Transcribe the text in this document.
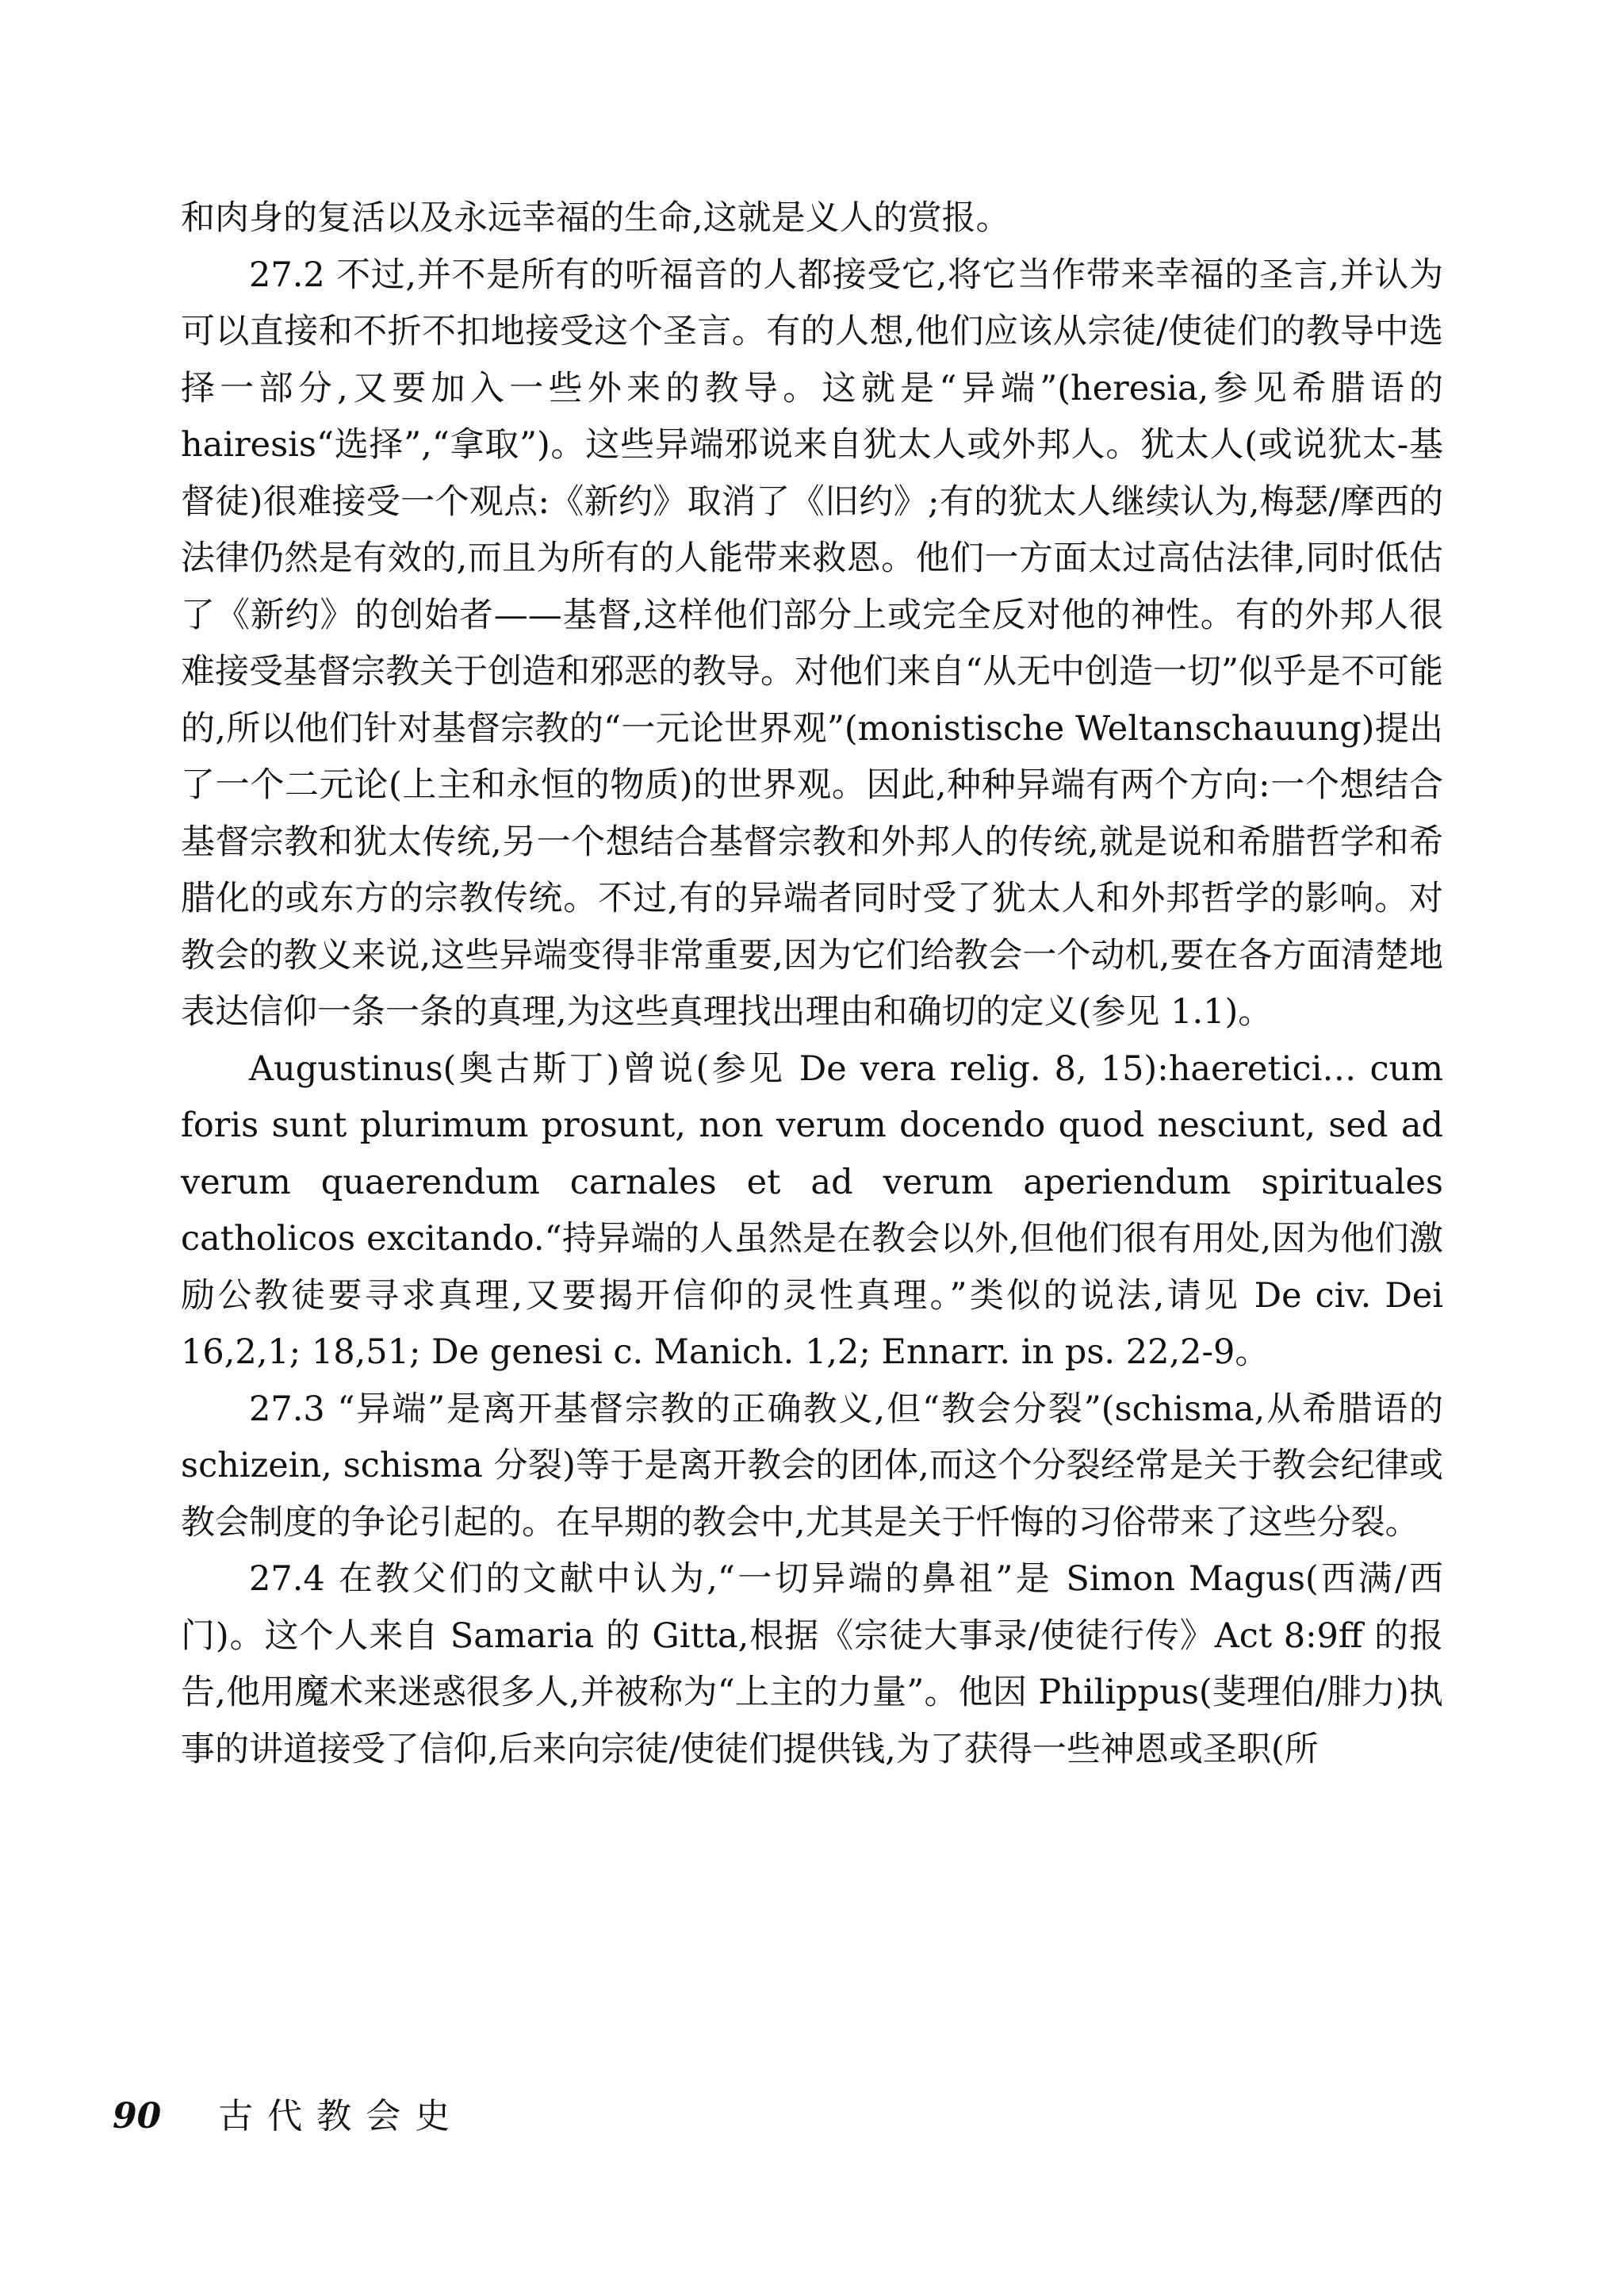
和肉身的复活以及永远幸福的生命,这就是义人的赏报。

27.2 不过,并不是所有的听福音的人都接受它,将它当作带来幸福的圣言,并认为可以直接和不折不扣地接受这个圣言。有的人想,他们应该从宗徒/使徒们的教导中选择一部分,又要加入一些外来的教导。这就是“异端”(heresia,参见希腊语的 hairesis“选择”,“拿取”)。这些异端邪说来自犹太人或外邦人。犹太人(或说犹太-基督徒)很难接受一个观点:《新约》取消了《旧约》;有的犹太人继续认为,梅瑟/摩西的法律仍然是有效的,而且为所有的人能带来救恩。他们一方面太过高估法律,同时低估了《新约》的创始者——基督,这样他们部分上或完全反对他的神性。有的外邦人很难接受基督宗教关于创造和邪恶的教导。对他们来自“从无中创造一切”似乎是不可能的,所以他们针对基督宗教的“一元论世界观”(monistische Weltanschauung)提出了一个二元论(上主和永恒的物质)的世界观。因此,种种异端有两个方向:一个想结合基督宗教和犹太传统,另一个想结合基督宗教和外邦人的传统,就是说和希腊哲学和希腊化的或东方的宗教传统。不过,有的异端者同时受了犹太人和外邦哲学的影响。对教会的教义来说,这些异端变得非常重要,因为它们给教会一个动机,要在各方面清楚地表达信仰一条一条的真理,为这些真理找出理由和确切的定义(参见 1.1)。

Augustinus(奥古斯丁)曾说(参见 De vera relig. 8, 15):haeretici… cum foris sunt plurimum prosunt, non verum docendo quod nesciunt, sed ad verum quaerendum carnales et ad verum aperiendum spirituales catholicos excitando.“持异端的人虽然是在教会以外,但他们很有用处,因为他们激励公教徒要寻求真理,又要揭开信仰的灵性真理。”类似的说法,请见 De civ. Dei 16,2,1; 18,51; De genesi c. Manich. 1,2; Ennarr. in ps. 22,2-9。

27.3 “异端”是离开基督宗教的正确教义,但“教会分裂”(schisma,从希腊语的 schizein, schisma 分裂)等于是离开教会的团体,而这个分裂经常是关于教会纪律或教会制度的争论引起的。在早期的教会中,尤其是关于忏悔的习俗带来了这些分裂。

27.4 在教父们的文献中认为,“一切异端的鼻祖”是 Simon Magus(西满/西门)。这个人来自 Samaria 的 Gitta,根据《宗徒大事录/使徒行传》Act 8:9ff 的报告,他用魔术来迷惑很多人,并被称为“上主的力量”。他因 Philippus(斐理伯/腓力)执事的讲道接受了信仰,后来向宗徒/使徒们提供钱,为了获得一些神恩或圣职(所

90 古代教会史
